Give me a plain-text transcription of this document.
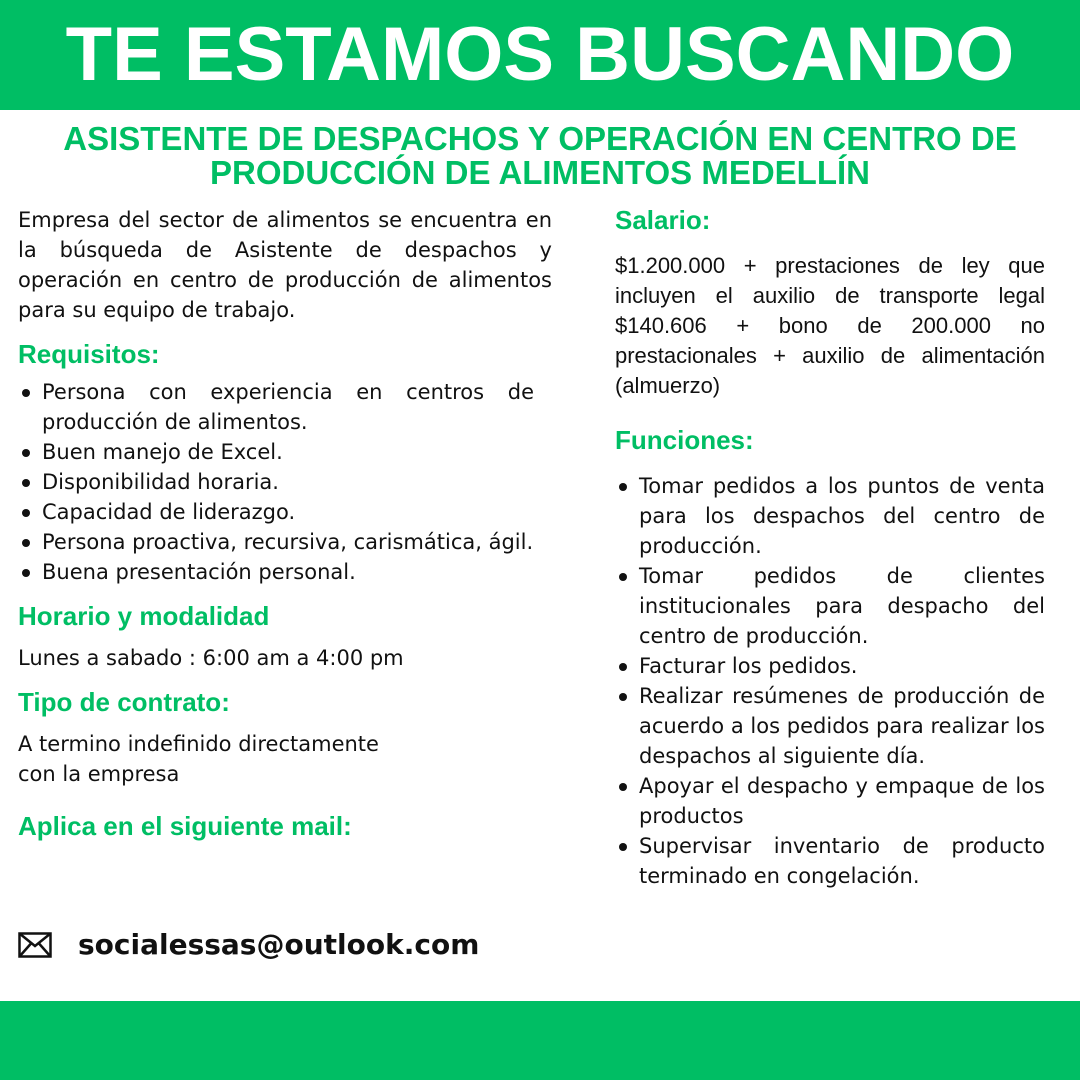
TE ESTAMOS BUSCANDO
ASISTENTE DE DESPACHOS Y OPERACIÓN EN CENTRO DE
PRODUCCIÓN DE ALIMENTOS MEDELLÍN

Empresa del sector de alimentos se encuentra en la búsqueda de Asistente de despachos y operación en centro de producción de alimentos para su equipo de trabajo.

Requisitos:
Persona con experiencia en centros de producción de alimentos.
Buen manejo de Excel.
Disponibilidad horaria.
Capacidad de liderazgo.
Persona proactiva, recursiva, carismática, ágil.
Buena presentación personal.
Horario y modalidad

Lunes a sabado : 6:00 am a 4:00 pm

Tipo de contrato:
A termino indefinido directamente
con la empresa
Aplica en el siguiente mail:
socialessas@outlook.com
Salario:

$1.200.000 + prestaciones de ley que incluyen el auxilio de transporte legal $140.606 + bono de 200.000 no prestacionales + auxilio de alimentación (almuerzo)

Funciones:
Tomar pedidos a los puntos de venta para los despachos del centro de producción.
Tomar pedidos de clientes institucionales para despacho del centro de producción.
Facturar los pedidos.
Realizar resúmenes de producción de acuerdo a los pedidos para realizar los despachos al siguiente día.
Apoyar el despacho y empaque de los productos
Supervisar inventario de producto terminado en congelación.
